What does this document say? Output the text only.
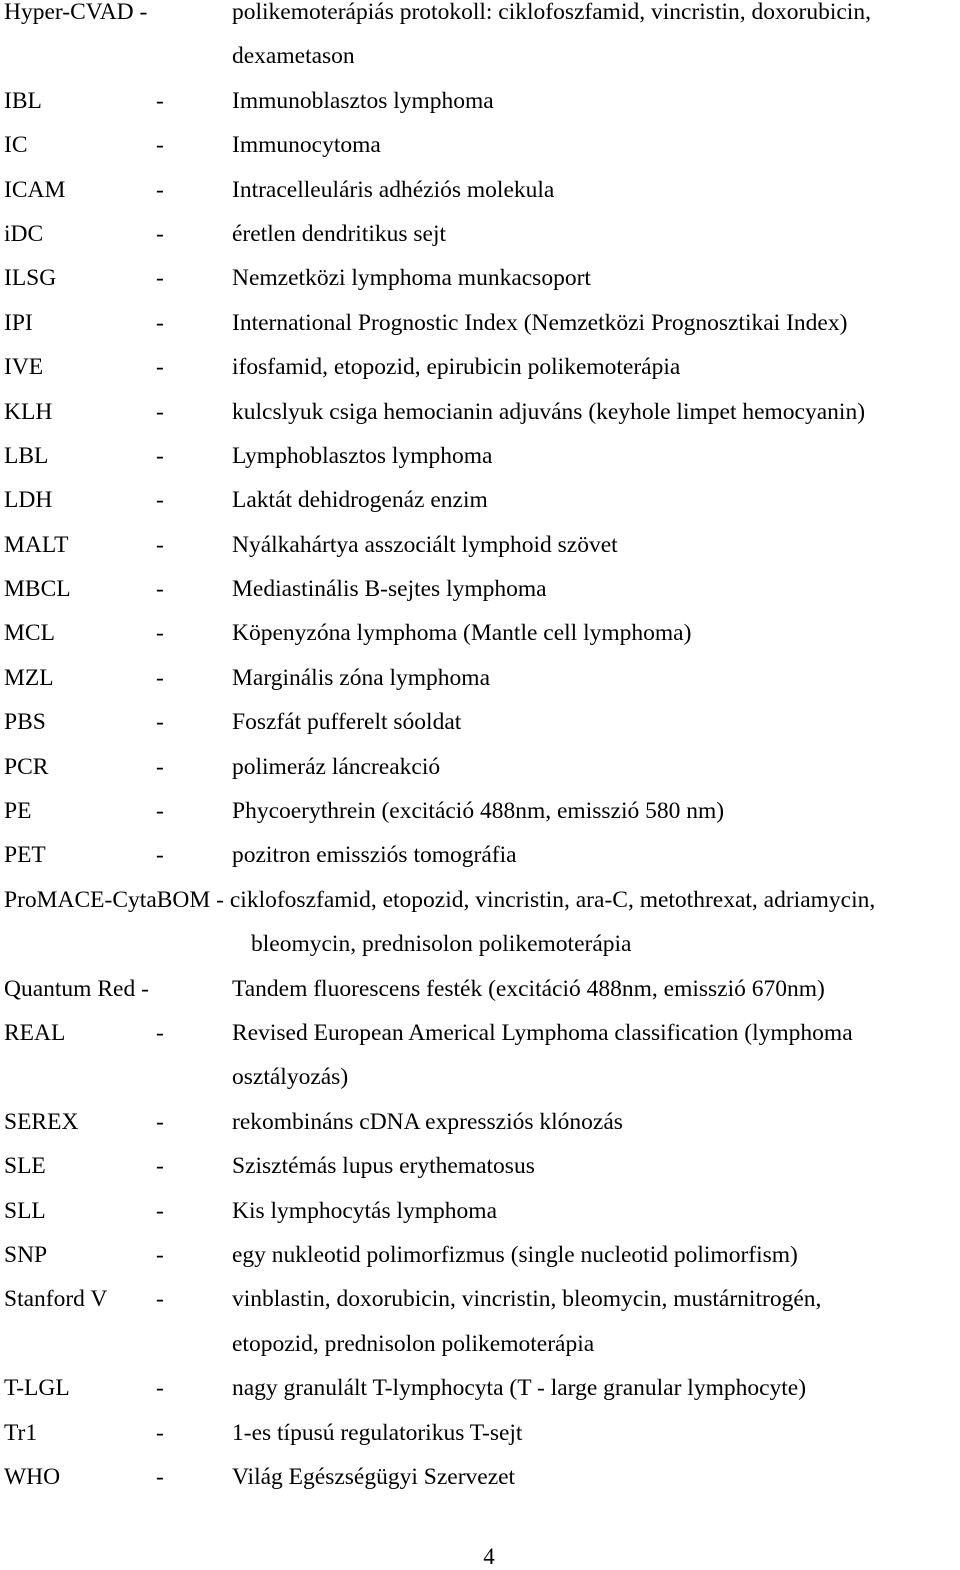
Hyper-CVAD -	polikemoterápiás protokoll: ciklofoszfamid, vincristin, doxorubicin,
dexametason
IBL	-	Immunoblasztos lymphoma
IC	-	Immunocytoma
ICAM	-	Intracelleuláris adhéziós molekula
iDC	-	éretlen dendritikus sejt
ILSG	-	Nemzetközi lymphoma munkacsoport
IPI	-	International Prognostic Index (Nemzetközi Prognosztikai Index)
IVE	-	ifosfamid, etopozid, epirubicin polikemoterápia
KLH	-	kulcslyuk csiga hemocianin adjuváns (keyhole limpet hemocyanin)
LBL	-	Lymphoblasztos lymphoma
LDH	-	Laktát dehidrogenáz enzim
MALT	-	Nyálkahártya asszociált lymphoid szövet
MBCL	-	Mediastinális B-sejtes lymphoma
MCL	-	Köpenyzóna lymphoma (Mantle cell lymphoma)
MZL	-	Marginális zóna lymphoma
PBS	-	Foszfát pufferelt sóoldat
PCR	-	polimeráz láncreakció
PE	-	Phycoerythrein (excitáció 488nm, emisszió 580 nm)
PET	-	pozitron emissziós tomográfia
ProMACE-CytaBOM - ciklofoszfamid, etopozid, vincristin, ara-C, metothrexat, adriamycin,
bleomycin, prednisolon polikemoterápia
Quantum Red -	Tandem fluorescens festék (excitáció 488nm, emisszió 670nm)
REAL	-	Revised European Americal Lymphoma classification (lymphoma
osztályozás)
SEREX	-	rekombináns cDNA expressziós klónozás
SLE	-	Szisztémás lupus erythematosus
SLL	-	Kis lymphocytás lymphoma
SNP	-	egy nukleotid polimorfizmus (single nucleotid polimorfism)
Stanford V -	vinblastin, doxorubicin, vincristin, bleomycin, mustárnitrogén,
etopozid, prednisolon polikemoterápia
T-LGL	-	nagy granulált T-lymphocyta (T - large granular lymphocyte)
Tr1	-	1-es típusú regulatorikus T-sejt
WHO	-	Világ Egészségügyi Szervezet
4
